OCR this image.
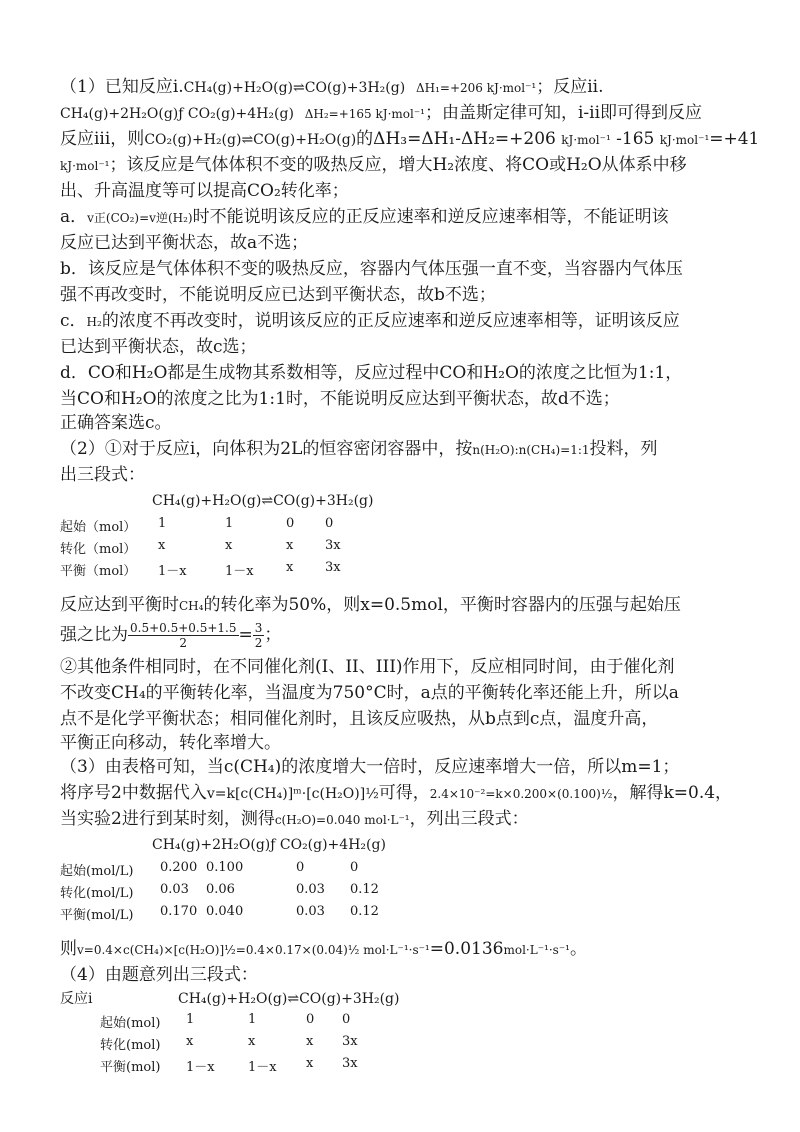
（1）已知反应i.CH₄(g)+H₂O(g)⇌CO(g)+3H₂(g) ΔH₁=+206 kJ·mol⁻¹；反应ii.
CH₄(g)+2H₂O(g)ƒ CO₂(g)+4H₂(g) ΔH₂=+165 kJ·mol⁻¹；由盖斯定律可知，i-ii即可得到反应
反应iii，则CO₂(g)+H₂(g)⇌CO(g)+H₂O(g)的ΔH₃=ΔH₁-ΔH₂=+206 kJ·mol⁻¹ -165 kJ·mol⁻¹=+41
kJ·mol⁻¹；该反应是气体体积不变的吸热反应，增大H₂浓度、将CO或H₂O从体系中移
出、升高温度等可以提高CO₂转化率；
a．v正(CO₂)=v逆(H₂)时不能说明该反应的正反应速率和逆反应速率相等，不能证明该
反应已达到平衡状态，故a不选；
b．该反应是气体体积不变的吸热反应，容器内气体压强一直不变，当容器内气体压
强不再改变时，不能说明反应已达到平衡状态，故b不选；
c．H₂的浓度不再改变时，说明该反应的正反应速率和逆反应速率相等，证明该反应
已达到平衡状态，故c选；
d．CO和H₂O都是生成物其系数相等，反应过程中CO和H₂O的浓度之比恒为1:1，
当CO和H₂O的浓度之比为1:1时，不能说明反应达到平衡状态，故d不选；
正确答案选c。
（2）①对于反应i，向体积为2L的恒容密闭容器中，按n(H₂O):n(CH₄)=1:1投料，列
出三段式：
CH₄(g)+H₂O(g)⇌CO(g)+3H₂(g)
起始（mol） 1	1	0 0
转化（mol） x	x	x 3x
平衡（mol） 1－x	1－x x 3x
反应达到平衡时CH₄的转化率为50%，则x=0.5mol，平衡时容器内的压强与起始压
强之比为 $\frac{0.5+0.5+0.5+1.5}{2} = \frac{3}{2}$ ；
②其他条件相同时，在不同催化剂(I、II、III)作用下，反应相同时间，由于催化剂
不改变CH₄的平衡转化率，当温度为750°C时，a点的平衡转化率还能上升，所以a
点不是化学平衡状态；相同催化剂时，且该反应吸热，从b点到c点，温度升高，
平衡正向移动，转化率增大。
（3）由表格可知，当c(CH₄)的浓度增大一倍时，反应速率增大一倍，所以m=1；
将序号2中数据代入v=k[c(CH₄)]ᵐ·[c(H₂O)]½可得，2.4×10⁻²=k×0.200×(0.100)½，解得k=0.4，
当实验2进行到某时刻，测得c(H₂O)=0.040 mol·L⁻¹，列出三段式：
CH₄(g)+2H₂O(g)ƒ CO₂(g)+4H₂(g)
起始(mol/L) 0.200 0.100	0	0
转化(mol/L) 0.03 0.06	0.03 0.12
平衡(mol/L) 0.170 0.040	0.03 0.12
则v=0.4×c(CH₄)×[c(H₂O)]½=0.4×0.17×(0.04)½ mol·L⁻¹·s⁻¹=0.0136mol·L⁻¹·s⁻¹。
（4）由题意列出三段式：
反应i	CH₄(g)+H₂O(g)⇌CO(g)+3H₂(g)
起始(mol) 1	1	0 0
转化(mol) x	x	x 3x
平衡(mol) 1－x	1－x x 3x
